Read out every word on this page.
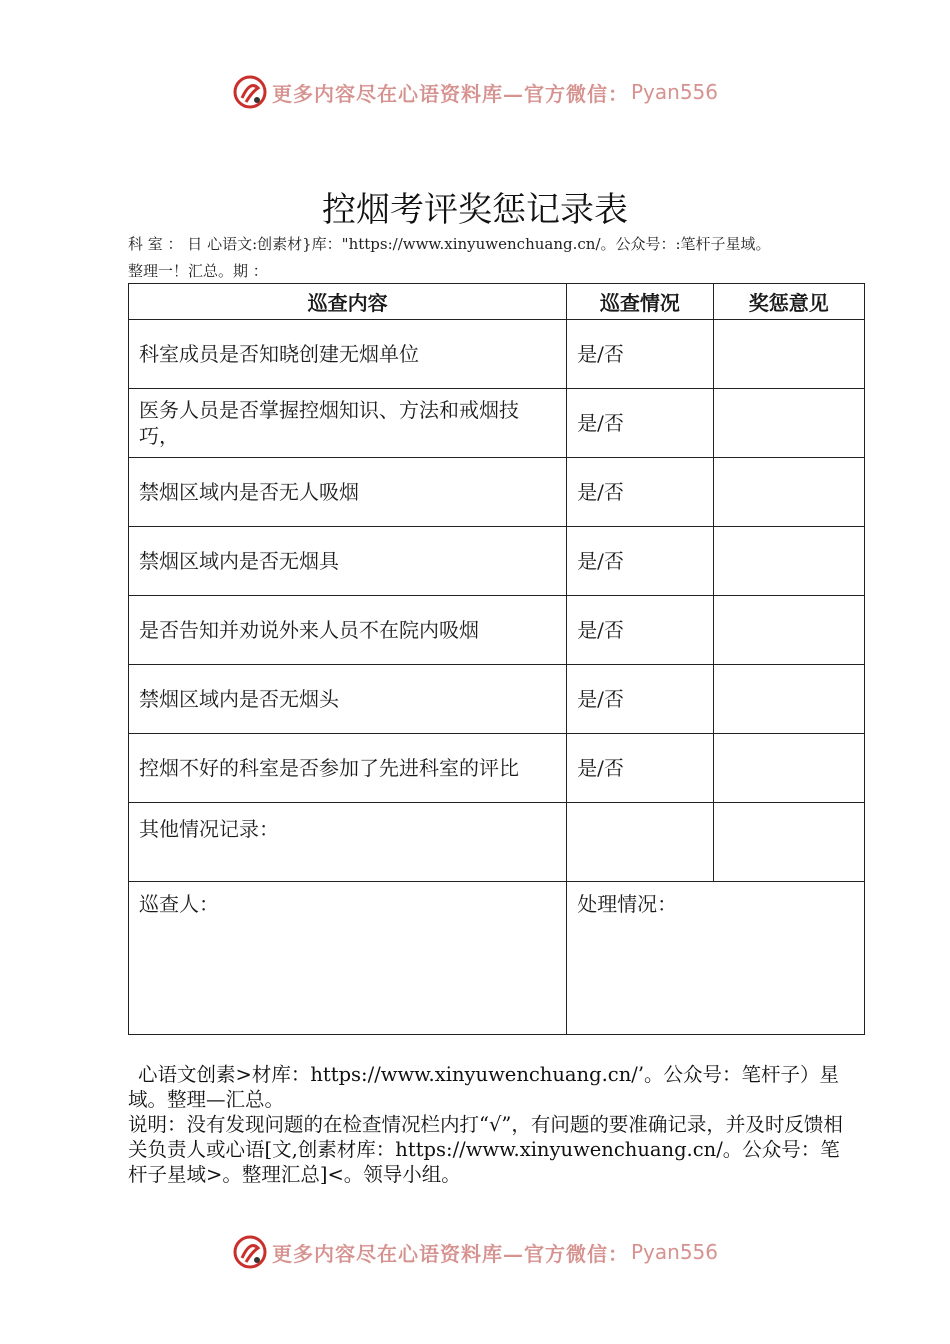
更多内容尽在心语资料库—官方微信： Pyan556
控烟考评奖惩记录表
科 室 ： 日 心语文:创素材}库："https://www.xinyuwenchuang.cn/。公众号：:笔杆子星域。
整理一！汇总。期 ：
巡查内容	巡查情况	奖惩意见
科室成员是否知晓创建无烟单位	是/否	
医务人员是否掌握控烟知识、方法和戒烟技巧，	是/否	
禁烟区域内是否无人吸烟	是/否	
禁烟区域内是否无烟具	是/否	
是否告知并劝说外来人员不在院内吸烟	是/否	
禁烟区域内是否无烟头	是/否	
控烟不好的科室是否参加了先进科室的评比	是/否	
其他情况记录：		
巡查人：	处理情况：	

心语文创素>材库：https://www.xinyuwenchuang.cn/’。公众号：笔杆子）星域。整理—汇总。

说明：没有发现问题的在检查情况栏内打“√”，有问题的要准确记录，并及时反馈相关负责人或心语[文,创素材库：https://www.xinyuwenchuang.cn/。公众号：笔杆子星域>。整理汇总]<。领导小组。

更多内容尽在心语资料库—官方微信： Pyan556
